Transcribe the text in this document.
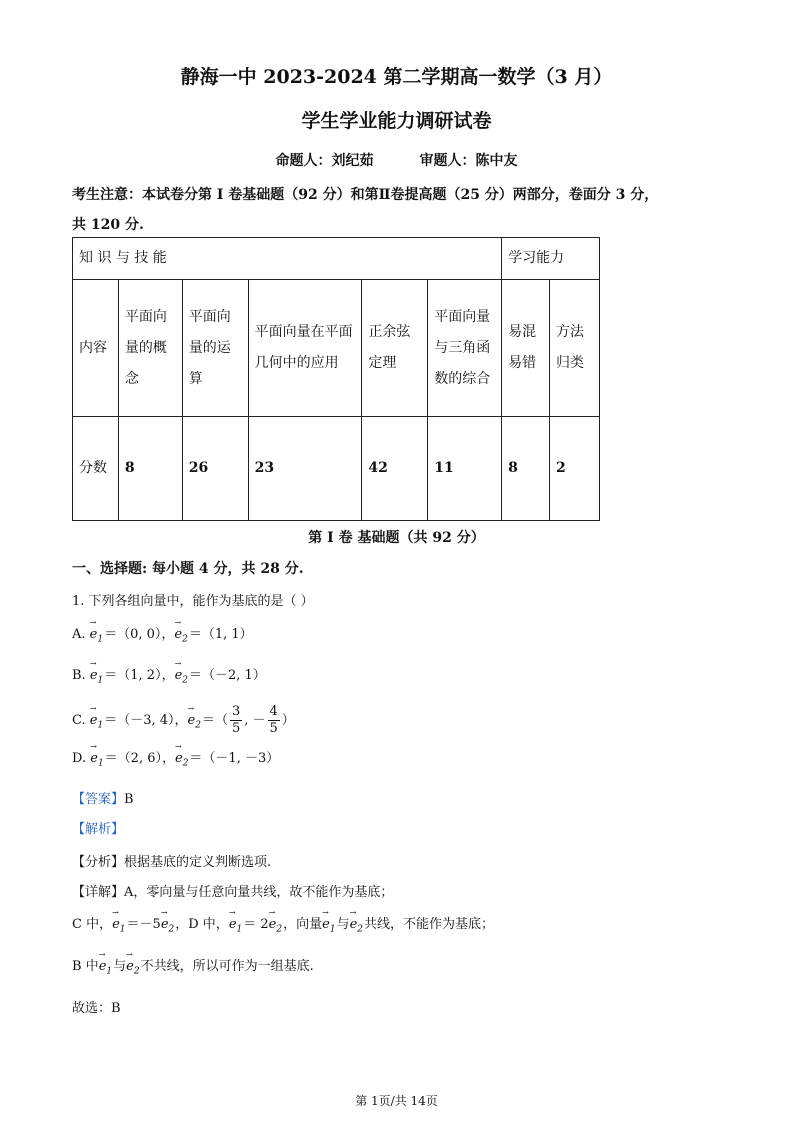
静海一中 2023-2024 第二学期高一数学（3 月）
学生学业能力调研试卷
命题人：刘纪茹	审题人：陈中友
考生注意：本试卷分第 I 卷基础题（92 分）和第Ⅱ卷提高题（25 分）两部分，卷面分 3 分，
共 120 分.
知 识 与 技 能						学习能力	
内容	平面向量的概念	平面向量的运算	平面向量在平面几何中的应用	正余弦定理	平面向量与三角函数的综合	易混易错	方法归类
分数	8	26	23	42	11	8	2
第 I 卷 基础题（共 92 分）
一、选择题: 每小题 4 分，共 28 分.
1. 下列各组向量中，能作为基底的是（ ）
A. → $e_1=(0$, 0），→ $e_2=(1$, 1）
B. → $e_1=(1$, 2），→ $e_2=(-2$, 1）
C. → $e_1=(-3$, 4），→ $e_2=( \frac{3}{5}$ , － $\frac{4}{5}$ ）
D. → $e_1=(2$, 6），→ $e_2=(-1$, －3）
【答案】B
【解析】
【分析】根据基底的定义判断选项.
【详解】A，零向量与任意向量共线，故不能作为基底；
C 中，→ $e_1=-5\to e_2$，D 中，→ $e_1= 2\to e_2$，向量→ $e_1$与→ $e_2$共线，不能作为基底；
B 中→ $e_1$与→ $e_2$不共线，所以可作为一组基底.
故选：B
第 1页/共 14页
